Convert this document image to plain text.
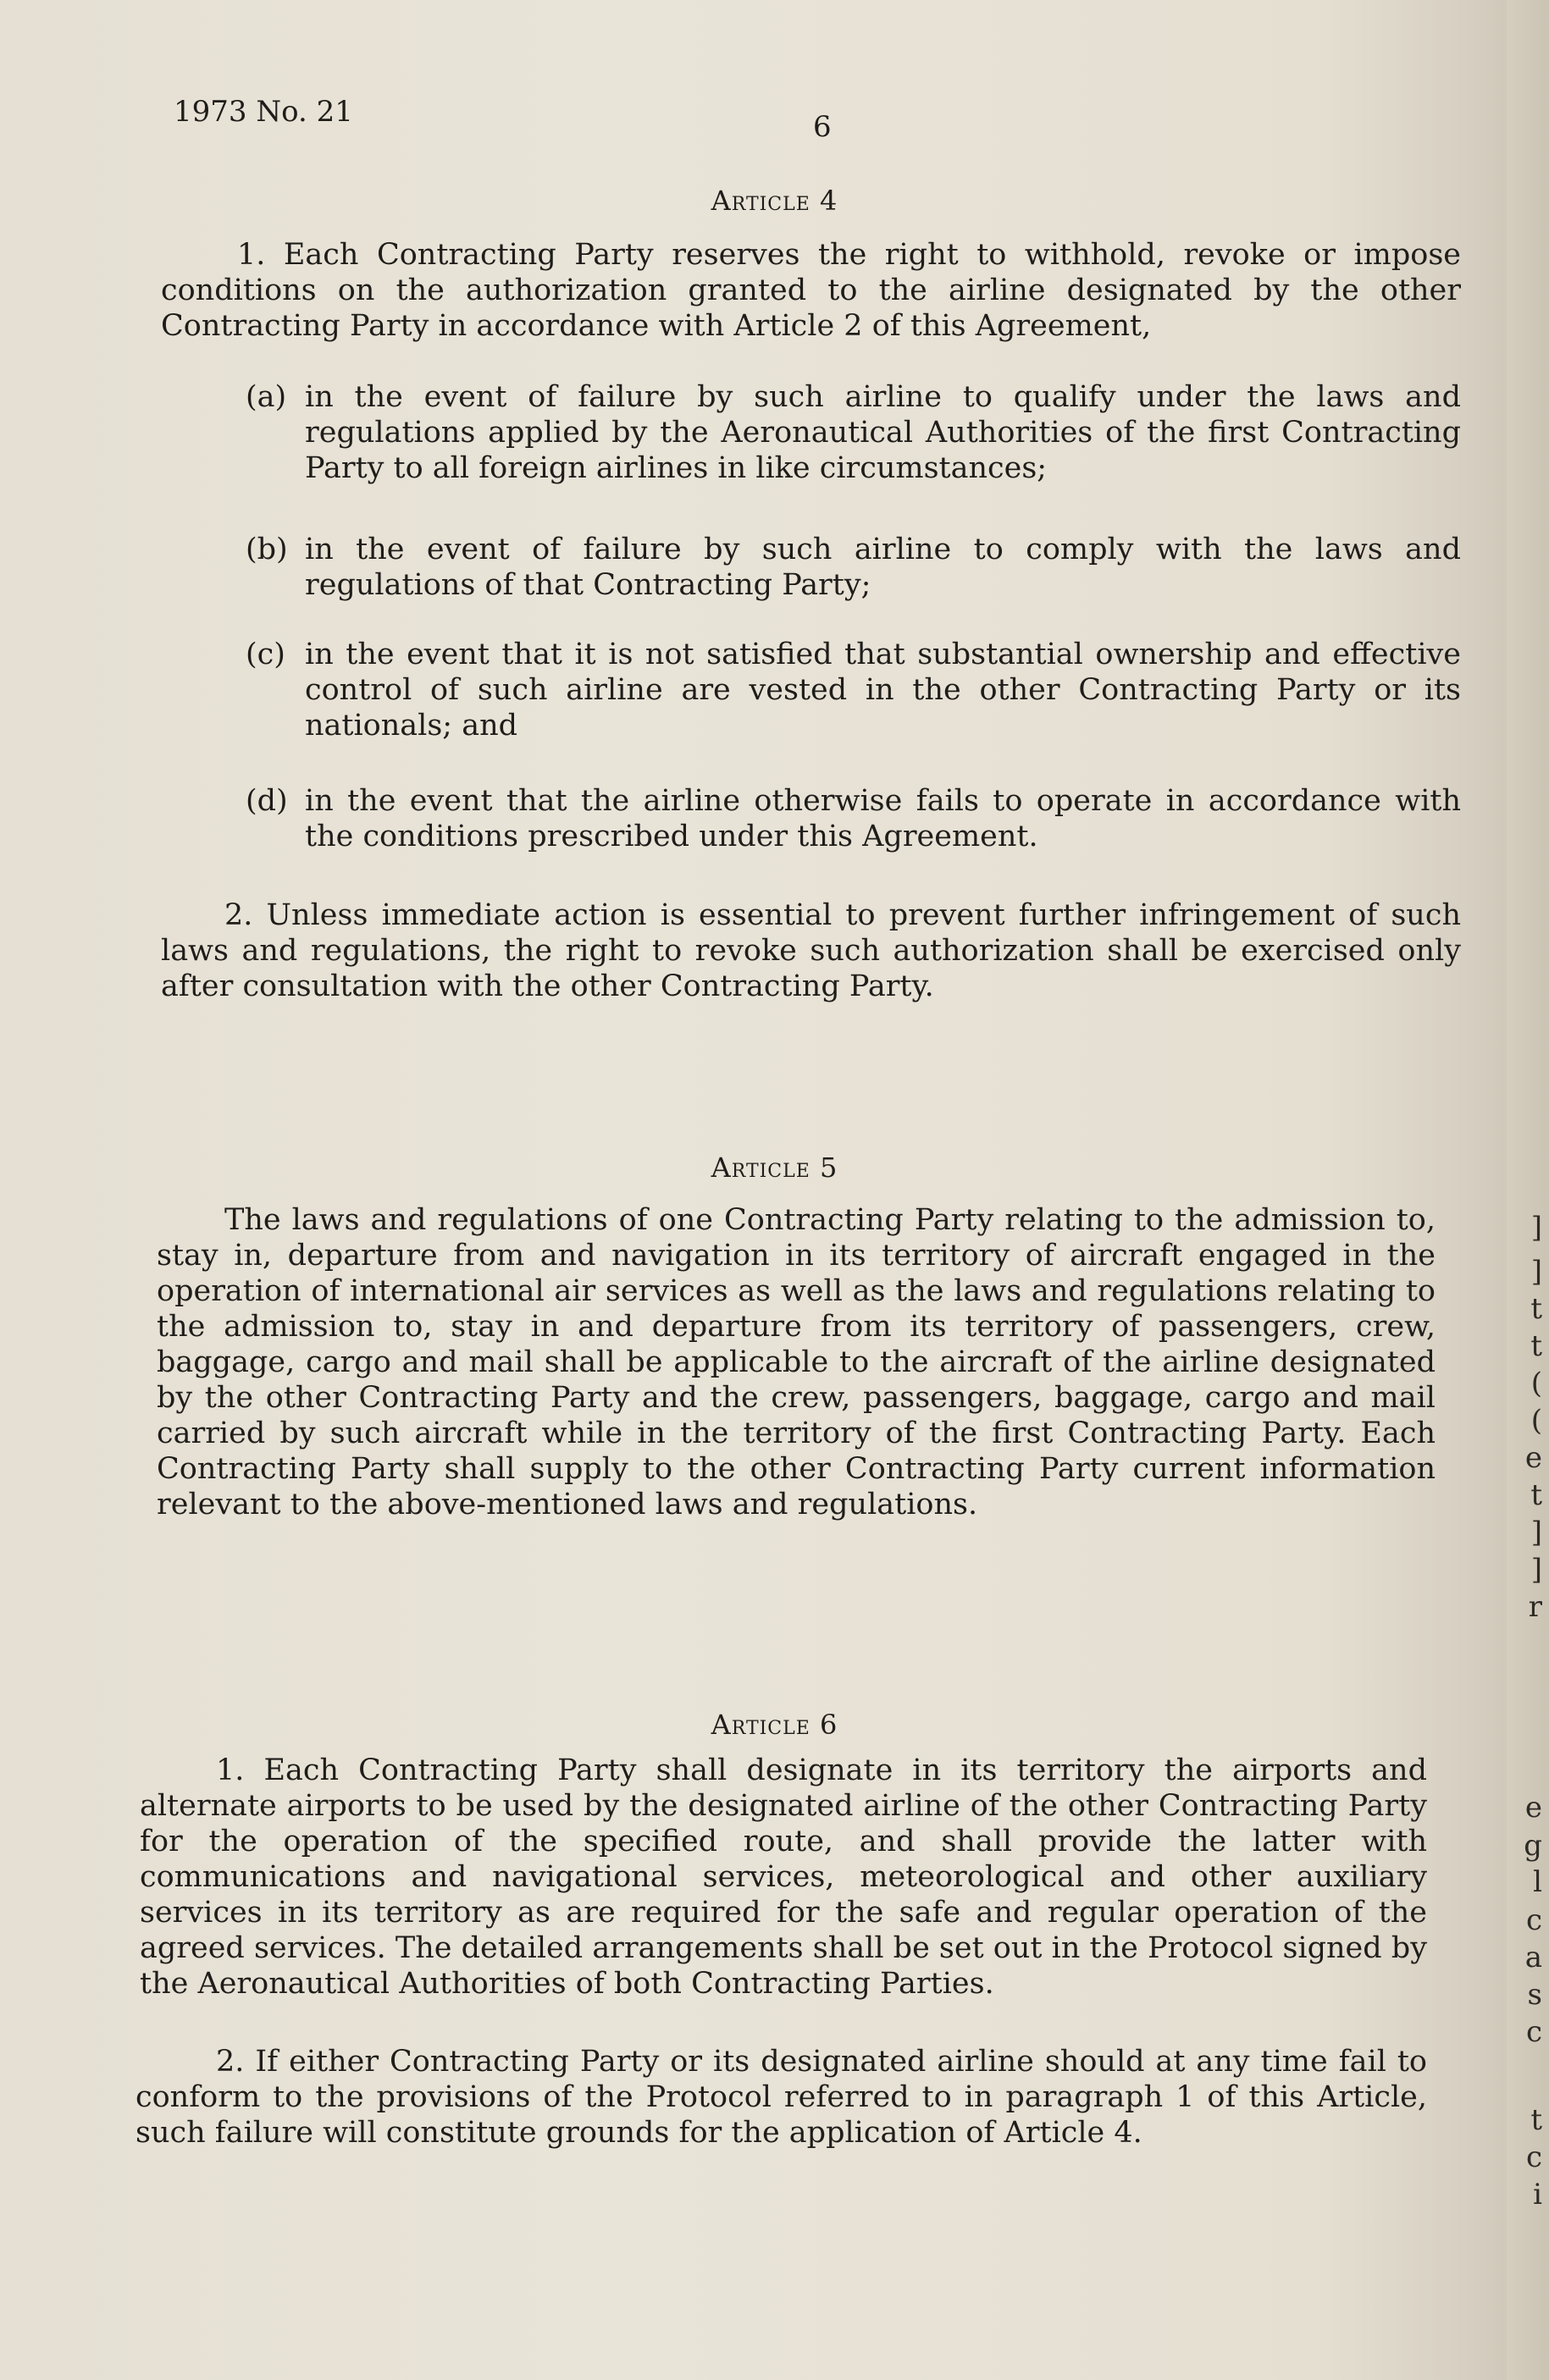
]
]
t
t
(
(
e
t
]
]
r
e
g
l
c
a
s
c
t
c
i
1973 No. 21	6
Article 4
1. Each Contracting Party reserves the right to withhold, revoke or impose conditions on the authorization granted to the airline designated by the other Contracting Party in accordance with Article 2 of this Agreement,
(a) in the event of failure by such airline to qualify under the laws and regulations applied by the Aeronautical Authorities of the first Contracting Party to all foreign airlines in like circumstances;
(b) in the event of failure by such airline to comply with the laws and regulations of that Contracting Party;
(c) in the event that it is not satisfied that substantial ownership and effective control of such airline are vested in the other Contracting Party or its nationals; and
(d) in the event that the airline otherwise fails to operate in accordance with the conditions prescribed under this Agreement.
2. Unless immediate action is essential to prevent further infringement of such laws and regulations, the right to revoke such authorization shall be exercised only after consultation with the other Contracting Party.
Article 5
The laws and regulations of one Contracting Party relating to the admission to, stay in, departure from and navigation in its territory of aircraft engaged in the operation of international air services as well as the laws and regulations relating to the admission to, stay in and departure from its territory of passengers, crew, baggage, cargo and mail shall be applicable to the aircraft of the airline designated by the other Contracting Party and the crew, passengers, baggage, cargo and mail carried by such aircraft while in the territory of the first Contracting Party. Each Contracting Party shall supply to the other Contracting Party current information relevant to the above-mentioned laws and regulations.
Article 6
1. Each Contracting Party shall designate in its territory the airports and alternate airports to be used by the designated airline of the other Contracting Party for the operation of the specified route, and shall provide the latter with communications and navigational services, meteorological and other auxiliary services in its territory as are required for the safe and regular operation of the agreed services. The detailed arrangements shall be set out in the Protocol signed by the Aeronautical Authorities of both Contracting Parties.
2. If either Contracting Party or its designated airline should at any time fail to conform to the provisions of the Protocol referred to in paragraph 1 of this Article, such failure will constitute grounds for the application of Article 4.
